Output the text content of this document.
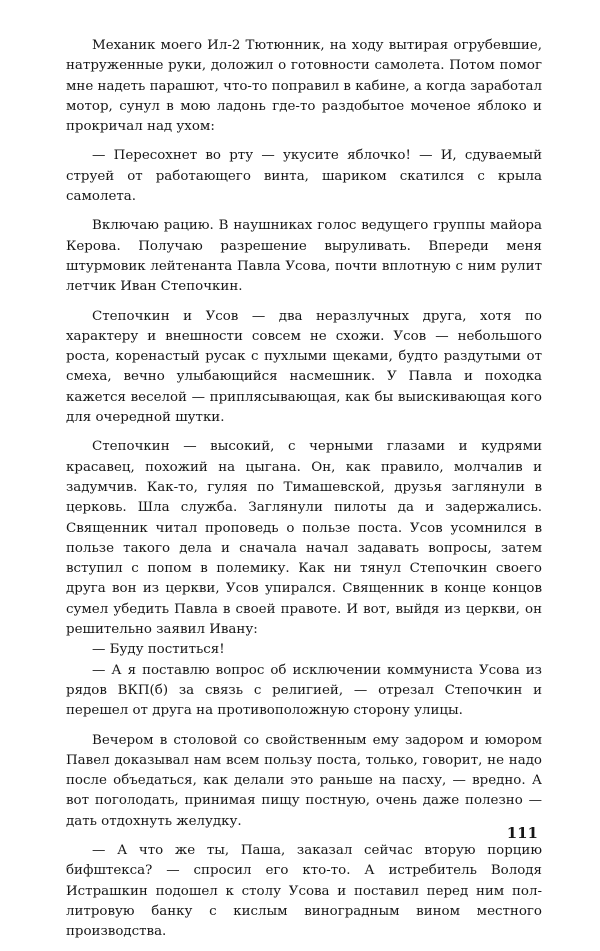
Механик моего Ил-2 Тютюнник, на ходу вытирая огрубевшие, натруженные руки, доложил о готовности самолета. Потом помог мне надеть парашют, что-то поправил в кабине, а когда заработал мотор, сунул в мою ладонь где-то раздобытое моченое яблоко и прокричал над ухом:

— Пересохнет во рту — укусите яблочко! — И, сдуваемый струей от работающего винта, шариком скатился с крыла самолета.

Включаю рацию. В наушниках голос ведущего группы майора Керова. Получаю разрешение выруливать. Впереди меня штурмовик лейтенанта Павла Усова, почти вплотную с ним рулит летчик Иван Степочкин.

Степочкин и Усов — два неразлучных друга, хотя по характеру и внешности совсем не схожи. Усов — небольшого роста, коренастый русак с пухлыми щеками, будто раздутыми от смеха, вечно улыбающийся насмешник. У Павла и походка кажется веселой — приплясывающая, как бы выискивающая кого для очередной шутки.

Степочкин — высокий, с черными глазами и кудрями красавец, похожий на цыгана. Он, как правило, молчалив и задумчив. Как-то, гуляя по Тимашевской, друзья заглянули в церковь. Шла служба. Заглянули пилоты да и задержались. Священник читал проповедь о пользе поста. Усов усомнился в пользе такого дела и сначала начал задавать вопросы, затем вступил с попом в полемику. Как ни тянул Степочкин своего друга вон из церкви, Усов упирался. Священник в конце концов сумел убедить Павла в своей правоте. И вот, выйдя из церкви, он решительно заявил Ивану:

— Буду поститься!

— А я поставлю вопрос об исключении коммуниста Усова из рядов ВКП(б) за связь с религией, — отрезал Степочкин и перешел от друга на противоположную сторону улицы.

Вечером в столовой со свойственным ему задором и юмором Павел доказывал нам всем пользу поста, только, говорит, не надо после объедаться, как делали это раньше на пасху, — вредно. А вот поголодать, принимая пищу постную, очень даже полезно — дать отдохнуть желудку.

— А что же ты, Паша, заказал сейчас вторую порцию бифштекса? — спросил его кто-то. А истребитель Володя Истрашкин подошел к столу Усова и поставил перед ним пол-литровую банку с кислым виноградным вином местного производства.

111
